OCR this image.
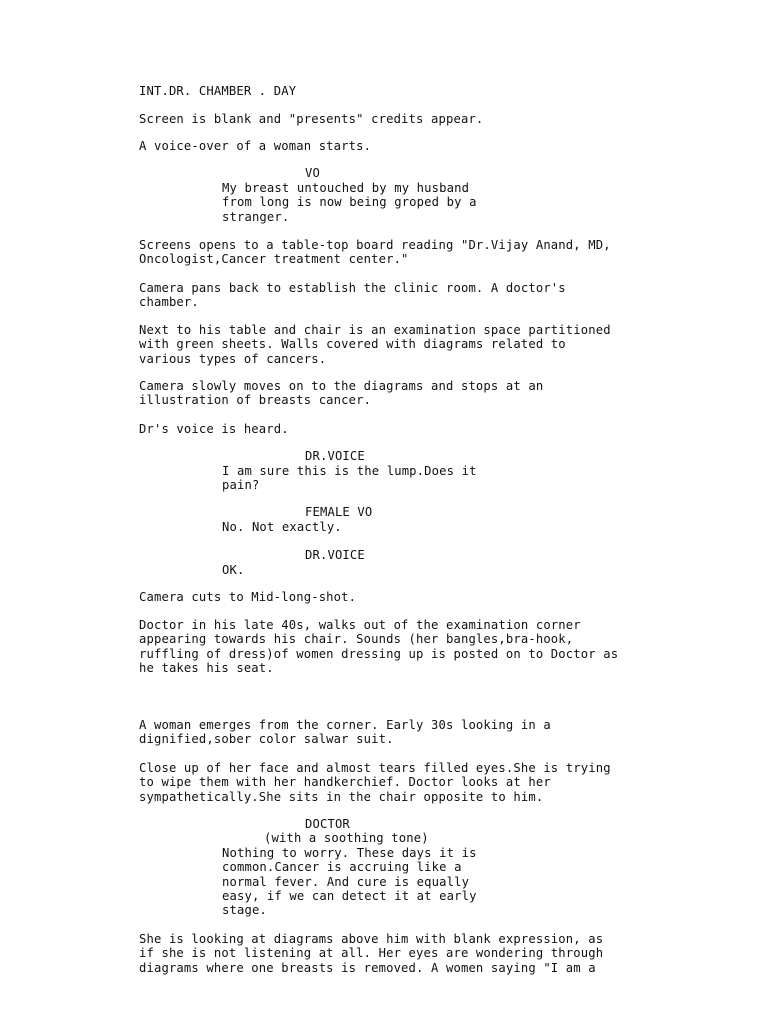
INT.DR. CHAMBER . DAY

Screen is blank and "presents" credits appear.

A voice-over of a woman starts.

VO

My breast untouched by my husband
from long is now being groped by a
stranger.

Screens opens to a table-top board reading "Dr.Vijay Anand, MD,
Oncologist,Cancer treatment center."

Camera pans back to establish the clinic room. A doctor's
chamber.

Next to his table and chair is an examination space partitioned
with green sheets. Walls covered with diagrams related to
various types of cancers.

Camera slowly moves on to the diagrams and stops at an
illustration of breasts cancer.

Dr's voice is heard.

DR.VOICE

I am sure this is the lump.Does it
pain?

FEMALE VO

No. Not exactly.

DR.VOICE

OK.

Camera cuts to Mid-long-shot.

Doctor in his late 40s, walks out of the examination corner
appearing towards his chair. Sounds (her bangles,bra-hook,
ruffling of dress)of women dressing up is posted on to Doctor as
he takes his seat.

A woman emerges from the corner. Early 30s looking in a
dignified,sober color salwar suit.

Close up of her face and almost tears filled eyes.She is trying
to wipe them with her handkerchief. Doctor looks at her
sympathetically.She sits in the chair opposite to him.

DOCTOR

(with a soothing tone)

Nothing to worry. These days it is
common.Cancer is accruing like a
normal fever. And cure is equally
easy, if we can detect it at early
stage.

She is looking at diagrams above him with blank expression, as
if she is not listening at all. Her eyes are wondering through
diagrams where one breasts is removed. A women saying "I am a
